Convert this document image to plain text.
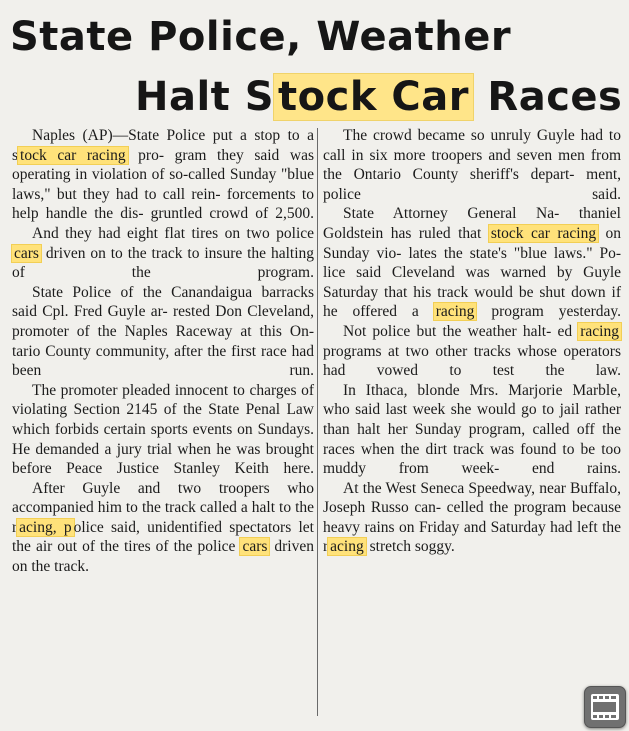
State Police, Weather
Halt S tock Car Races

Naples (AP)—State Police put a stop to a s tock car racing pro- gram they said was operating in violation of so-called Sunday "blue laws," but they had to call rein- forcements to help handle the dis- gruntled crowd of 2,500.

And they had eight flat tires on two police cars driven on to the track to insure the halting of	the program.

State Police of the Canandaigua barracks said Cpl. Fred Guyle ar- rested Don Cleveland, promoter of the Naples Raceway at this On- tario County community, after the first race had been run.

The promoter pleaded innocent to charges of violating Section 2145 of the State Penal Law which forbids certain sports events on Sundays. He demanded a jury trial when he was brought before Peace Justice Stanley Keith here.

After Guyle and two troopers who accompanied him to the track called a halt to the r acing, p olice said, unidentified spectators let the air out of the tires of the police cars driven on the track.

The crowd became so unruly Guyle had to call in six more troopers and seven men from the Ontario County sheriff's depart- ment, police said.

State Attorney General Na- thaniel Goldstein has ruled that stock car racing on Sunday vio- lates the state's "blue laws." Po- lice said Cleveland was warned by Guyle Saturday that his track would be shut down if he offered a racing program yesterday.

Not police but the weather halt- ed racing programs at two other tracks whose operators had vowed to test the law.

In Ithaca, blonde Mrs. Marjorie Marble, who said last week she would go to jail rather than halt her Sunday program, called off the races when the dirt track was found to be too muddy from week- end rains.

At the West Seneca Speedway, near Buffalo, Joseph Russo can- celled the program because heavy rains on Friday and Saturday had left the r acing stretch soggy.
